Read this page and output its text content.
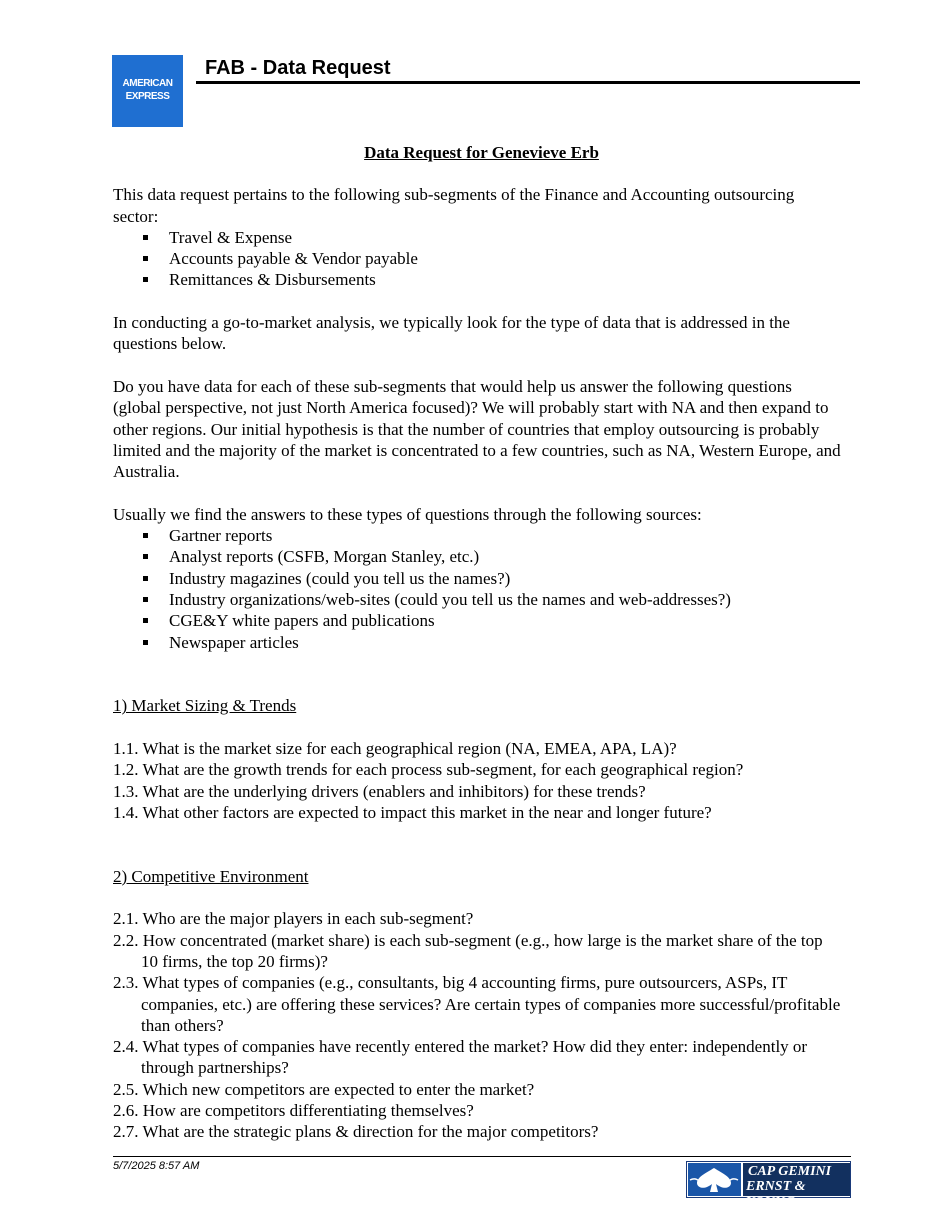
AMERICAN
EXPRESS
FAB - Data Request

Data Request for Genevieve Erb

This data request pertains to the following sub-segments of the Finance and Accounting outsourcing sector:

Travel & Expense
Accounts payable & Vendor payable
Remittances & Disbursements

In conducting a go-to-market analysis, we typically look for the type of data that is addressed in the questions below.

Do you have data for each of these sub-segments that would help us answer the following questions (global perspective, not just North America focused)? We will probably start with NA and then expand to other regions. Our initial hypothesis is that the number of countries that employ outsourcing is probably limited and the majority of the market is concentrated to a few countries, such as NA, Western Europe, and Australia.

Usually we find the answers to these types of questions through the following sources:

Gartner reports
Analyst reports (CSFB, Morgan Stanley, etc.)
Industry magazines (could you tell us the names?)
Industry organizations/web-sites (could you tell us the names and web-addresses?)
CGE&Y white papers and publications
Newspaper articles

1) Market Sizing & Trends

1.1. What is the market size for each geographical region (NA, EMEA, APA, LA)?

1.2. What are the growth trends for each process sub-segment, for each geographical region?

1.3. What are the underlying drivers (enablers and inhibitors) for these trends?

1.4. What other factors are expected to impact this market in the near and longer future?

2) Competitive Environment

2.1. Who are the major players in each sub-segment?

2.2. How concentrated (market share) is each sub-segment (e.g., how large is the market share of the top 10 firms, the top 20 firms)?

2.3. What types of companies (e.g., consultants, big 4 accounting firms, pure outsourcers, ASPs, IT companies, etc.) are offering these services? Are certain types of companies more successful/profitable than others?

2.4. What types of companies have recently entered the market? How did they enter: independently or through partnerships?

2.5. Which new competitors are expected to enter the market?

2.6. How are competitors differentiating themselves?

2.7. What are the strategic plans & direction for the major competitors?

5/7/2025 8:57 AM	CAP GEMINI
ERNST & YOUNG
